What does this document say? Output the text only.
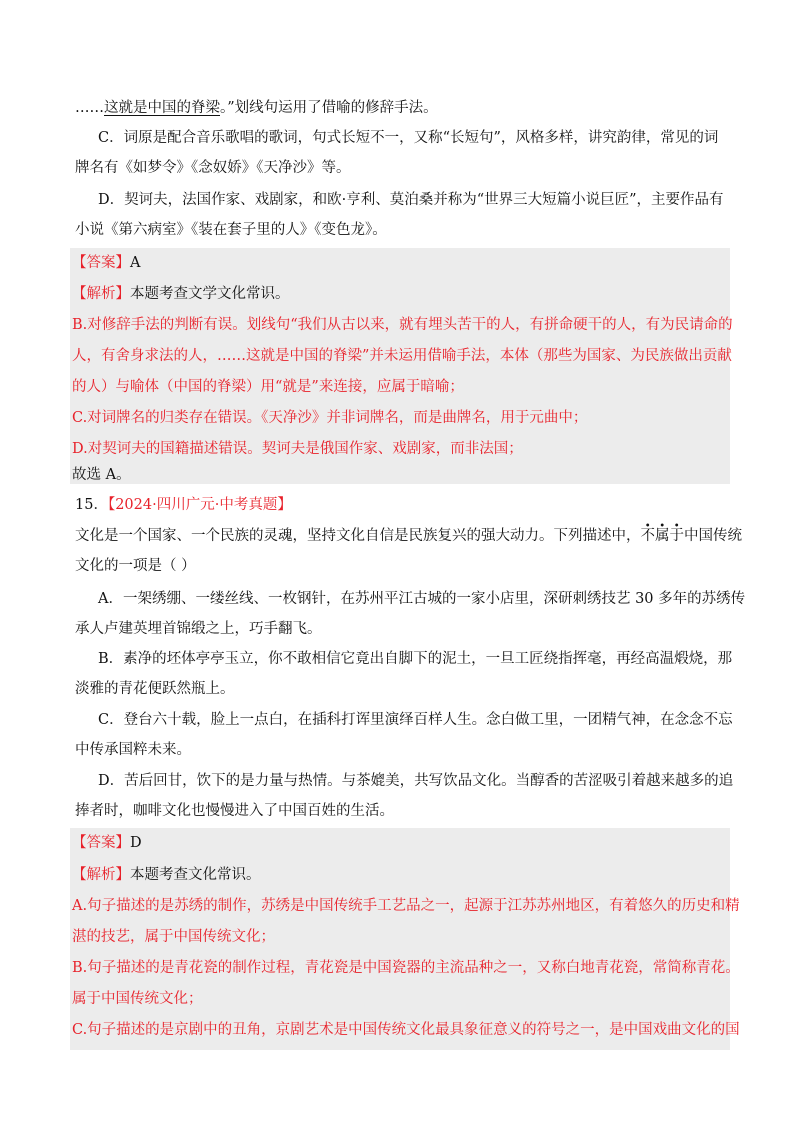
……这就是中国的脊梁。”划线句运用了借喻的修辞手法。
C．词原是配合音乐歌唱的歌词，句式长短不一，又称“长短句”，风格多样，讲究韵律，常见的词
牌名有《如梦令》《念奴娇》《天净沙》等。
D．契诃夫，法国作家、戏剧家，和欧·亨利、莫泊桑并称为“世界三大短篇小说巨匠”，主要作品有
小说《第六病室》《装在套子里的人》《变色龙》。
【答案】A
【解析】本题考查文学文化常识。
B.对修辞手法的判断有误。划线句“我们从古以来，就有埋头苦干的人，有拼命硬干的人，有为民请命的
人，有舍身求法的人，……这就是中国的脊梁”并未运用借喻手法，本体（那些为国家、为民族做出贡献
的人）与喻体（中国的脊梁）用“就是”来连接，应属于暗喻；
C.对词牌名的归类存在错误。《天净沙》并非词牌名，而是曲牌名，用于元曲中；
D.对契诃夫的国籍描述错误。契诃夫是俄国作家、戏剧家，而非法国；
故选 A。
15．【2024·四川广元·中考真题】
文化是一个国家、一个民族的灵魂，坚持文化自信是民族复兴的强大动力。下列描述中，不属于中国传统
文化的一项是（ ）
A．一架绣绷、一缕丝线、一枚钢针，在苏州平江古城的一家小店里，深研刺绣技艺 30 多年的苏绣传
承人卢建英埋首锦缎之上，巧手翻飞。
B．素净的坯体亭亭玉立，你不敢相信它竟出自脚下的泥土，一旦工匠绕指挥毫，再经高温煅烧，那
淡雅的青花便跃然瓶上。
C．登台六十载，脸上一点白，在插科打诨里演绎百样人生。念白做工里，一团精气神，在念念不忘
中传承国粹未来。
D．苦后回甘，饮下的是力量与热情。与茶媲美，共写饮品文化。当醇香的苦涩吸引着越来越多的追
捧者时，咖啡文化也慢慢进入了中国百姓的生活。
【答案】D
【解析】本题考查文化常识。
A.句子描述的是苏绣的制作，苏绣是中国传统手工艺品之一，起源于江苏苏州地区，有着悠久的历史和精
湛的技艺，属于中国传统文化；
B.句子描述的是青花瓷的制作过程，青花瓷是中国瓷器的主流品种之一，又称白地青花瓷，常简称青花。
属于中国传统文化；
C.句子描述的是京剧中的丑角，京剧艺术是中国传统文化最具象征意义的符号之一，是中国戏曲文化的国
